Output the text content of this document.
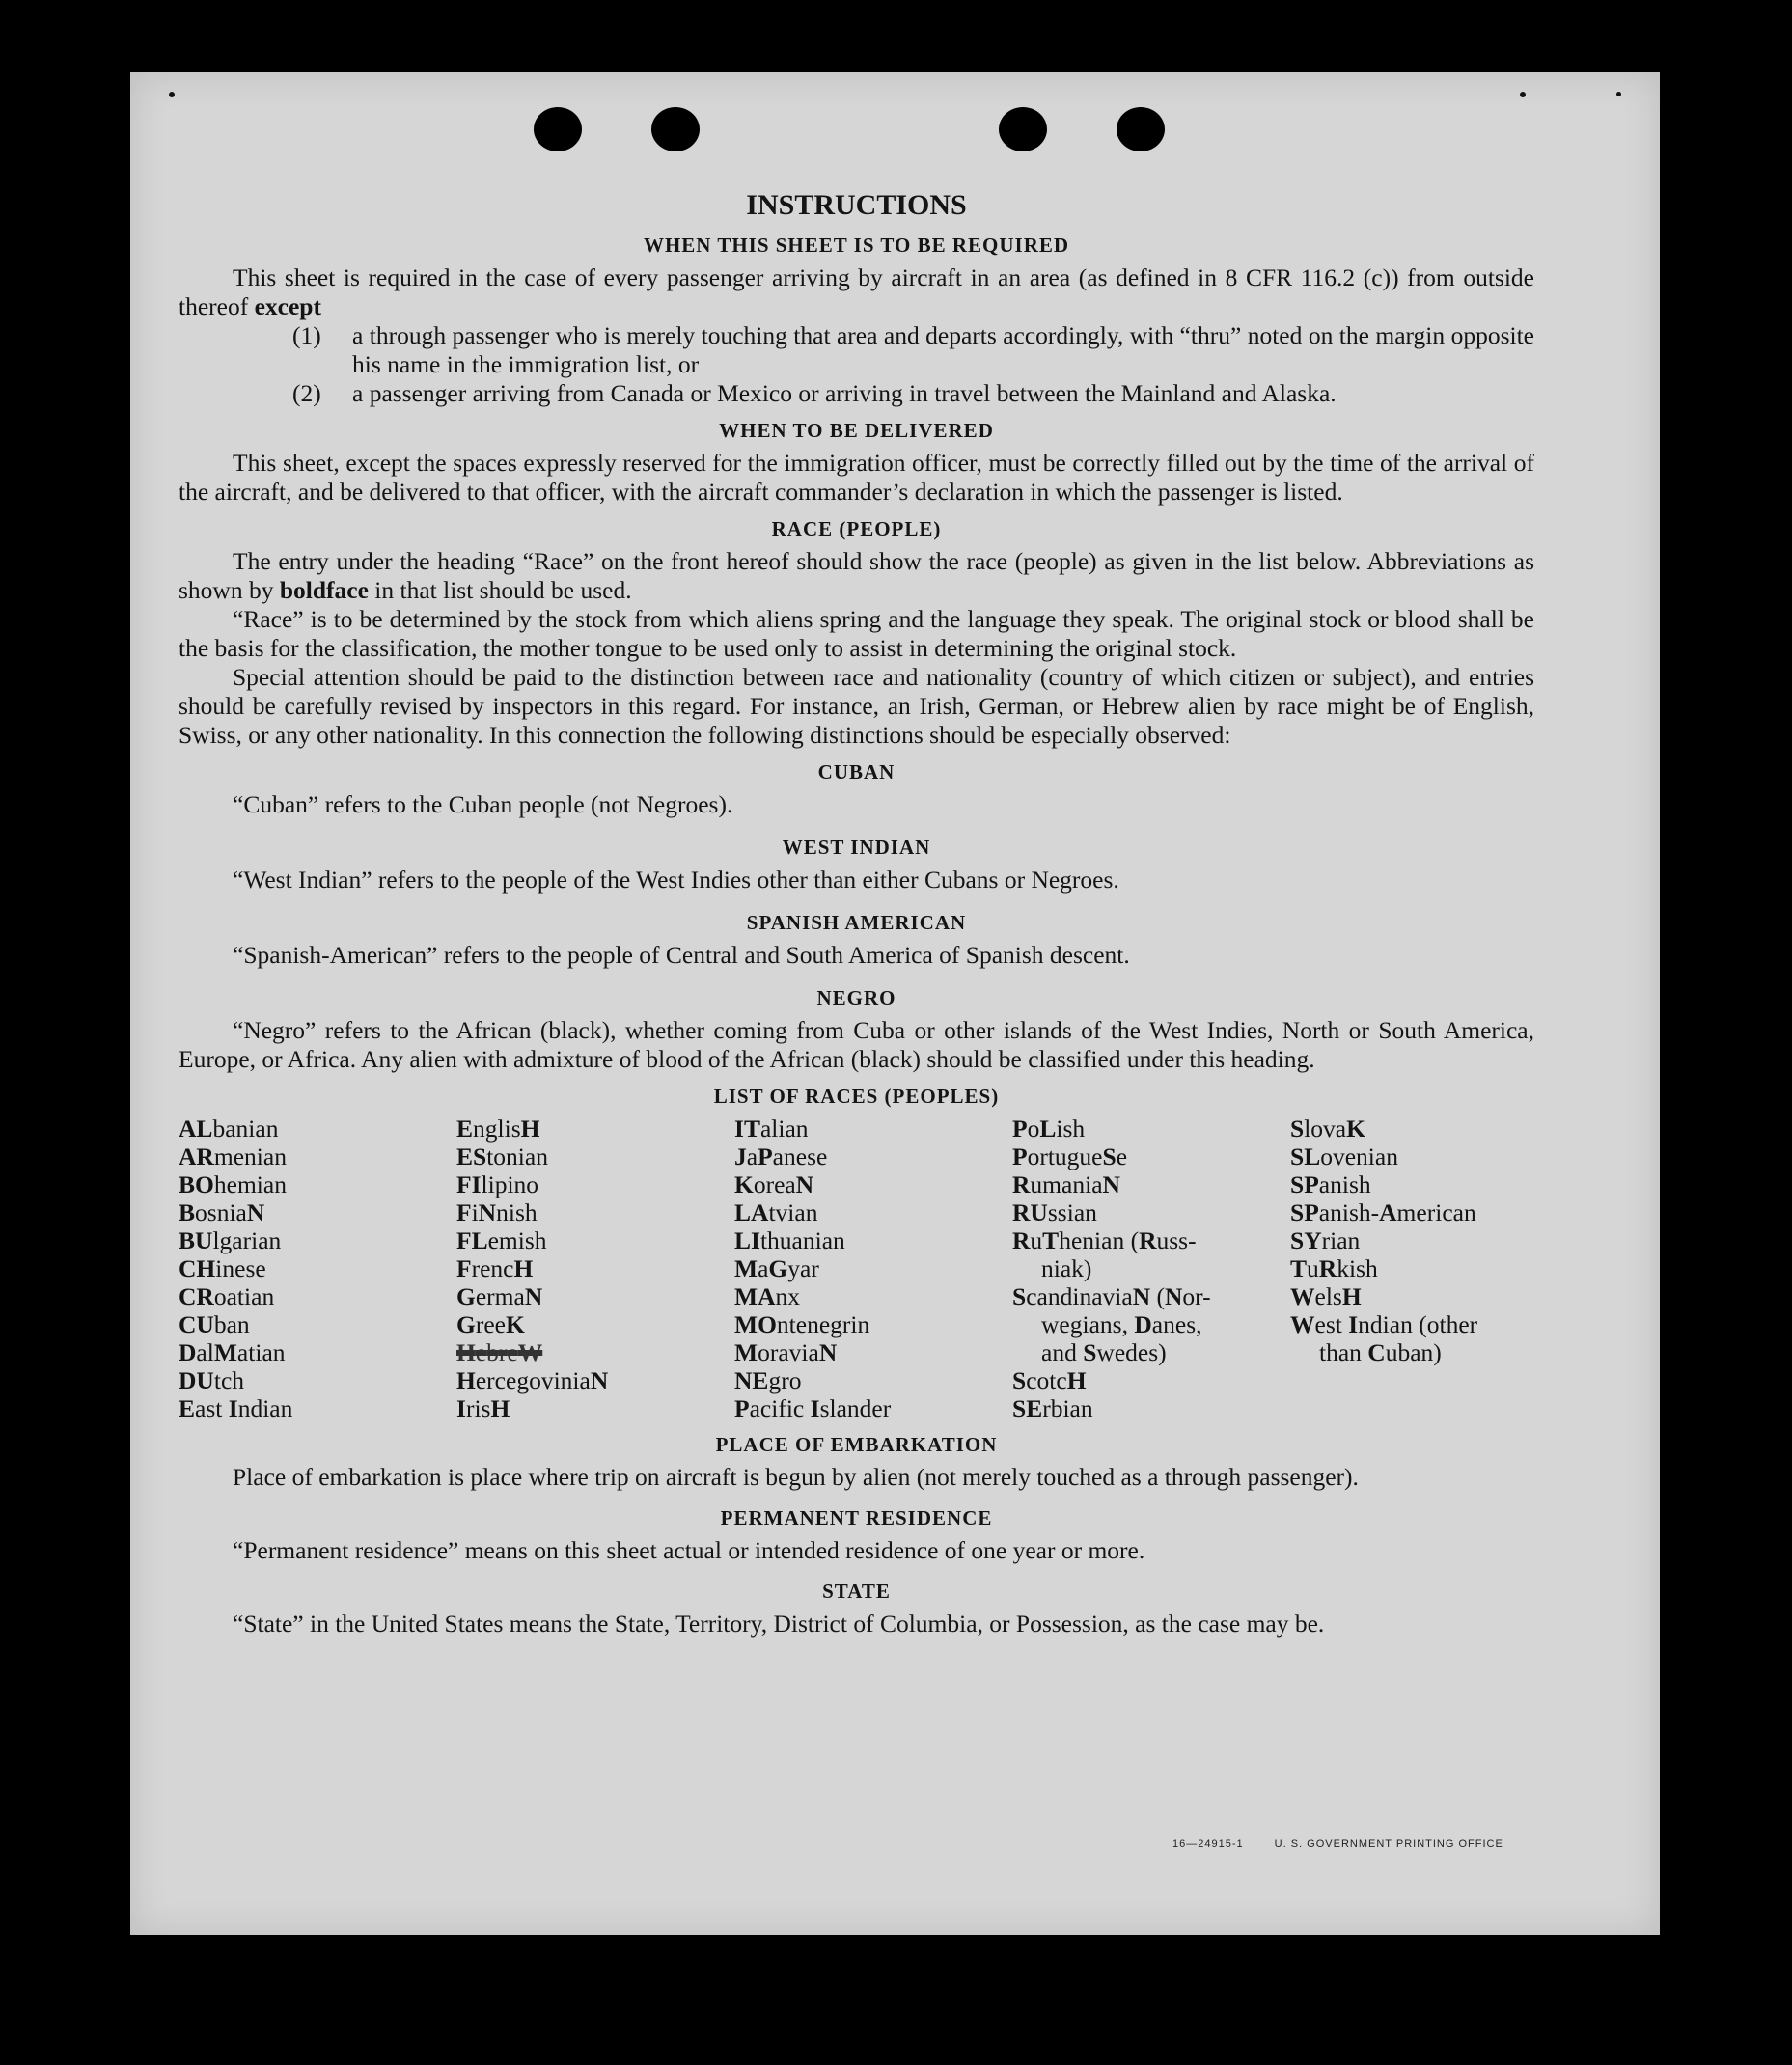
INSTRUCTIONS
WHEN THIS SHEET IS TO BE REQUIRED

This sheet is required in the case of every passenger arriving by aircraft in an area (as defined in 8 CFR 116.2 (c)) from outside thereof except

(1)	a through passenger who is merely touching that area and departs accordingly, with “thru” noted on the margin opposite his name in the immigration list, or
(2)	a passenger arriving from Canada or Mexico or arriving in travel between the Mainland and Alaska.
WHEN TO BE DELIVERED

This sheet, except the spaces expressly reserved for the immigration officer, must be correctly filled out by the time of the arrival of the aircraft, and be delivered to that officer, with the aircraft commander’s declaration in which the passenger is listed.

RACE (PEOPLE)

The entry under the heading “Race” on the front hereof should show the race (people) as given in the list below. Abbreviations as shown by boldface in that list should be used.

“Race” is to be determined by the stock from which aliens spring and the language they speak. The original stock or blood shall be the basis for the classification, the mother tongue to be used only to assist in determining the original stock.

Special attention should be paid to the distinction between race and nationality (country of which citizen or subject), and entries should be carefully revised by inspectors in this regard. For instance, an Irish, German, or Hebrew alien by race might be of English, Swiss, or any other nationality. In this connection the following distinctions should be especially observed:

CUBAN

“Cuban” refers to the Cuban people (not Negroes).

WEST INDIAN

“West Indian” refers to the people of the West Indies other than either Cubans or Negroes.

SPANISH AMERICAN

“Spanish-American” refers to the people of Central and South America of Spanish descent.

NEGRO

“Negro” refers to the African (black), whether coming from Cuba or other islands of the West Indies, North or South America, Europe, or Africa. Any alien with admixture of blood of the African (black) should be classified under this heading.

LIST OF RACES (PEOPLES)
ALbanian
ARmenian
BOhemian
BosniaN
BUlgarian
CHinese
CRoatian
CUban
DalMatian
DUtch
East Indian
EnglisH
EStonian
FIlipino
FiNnish
FLemish
FrencH
GermaN
GreeK
HebreW
HercegoviniaN
IrisH
ITalian
JaPanese
KoreaN
LAtvian
LIthuanian
MaGyar
MAnx
MOntenegrin
MoraviaN
NEgro
Pacific Islander
PoLish
PortugueSe
RumaniaN
RUssian
RuThenian (Russ-
niak)
ScandinaviaN (Nor-
wegians, Danes,
and Swedes)
ScotcH
SErbian
SlovaK
SLovenian
SPanish
SPanish-American
SYrian
TuRkish
WelsH
West Indian (other
than Cuban)
PLACE OF EMBARKATION

Place of embarkation is place where trip on aircraft is begun by alien (not merely touched as a through passenger).

PERMANENT RESIDENCE

“Permanent residence” means on this sheet actual or intended residence of one year or more.

STATE

“State” in the United States means the State, Territory, District of Columbia, or Possession, as the case may be.

16—24915-1	U. S. GOVERNMENT PRINTING OFFICE
